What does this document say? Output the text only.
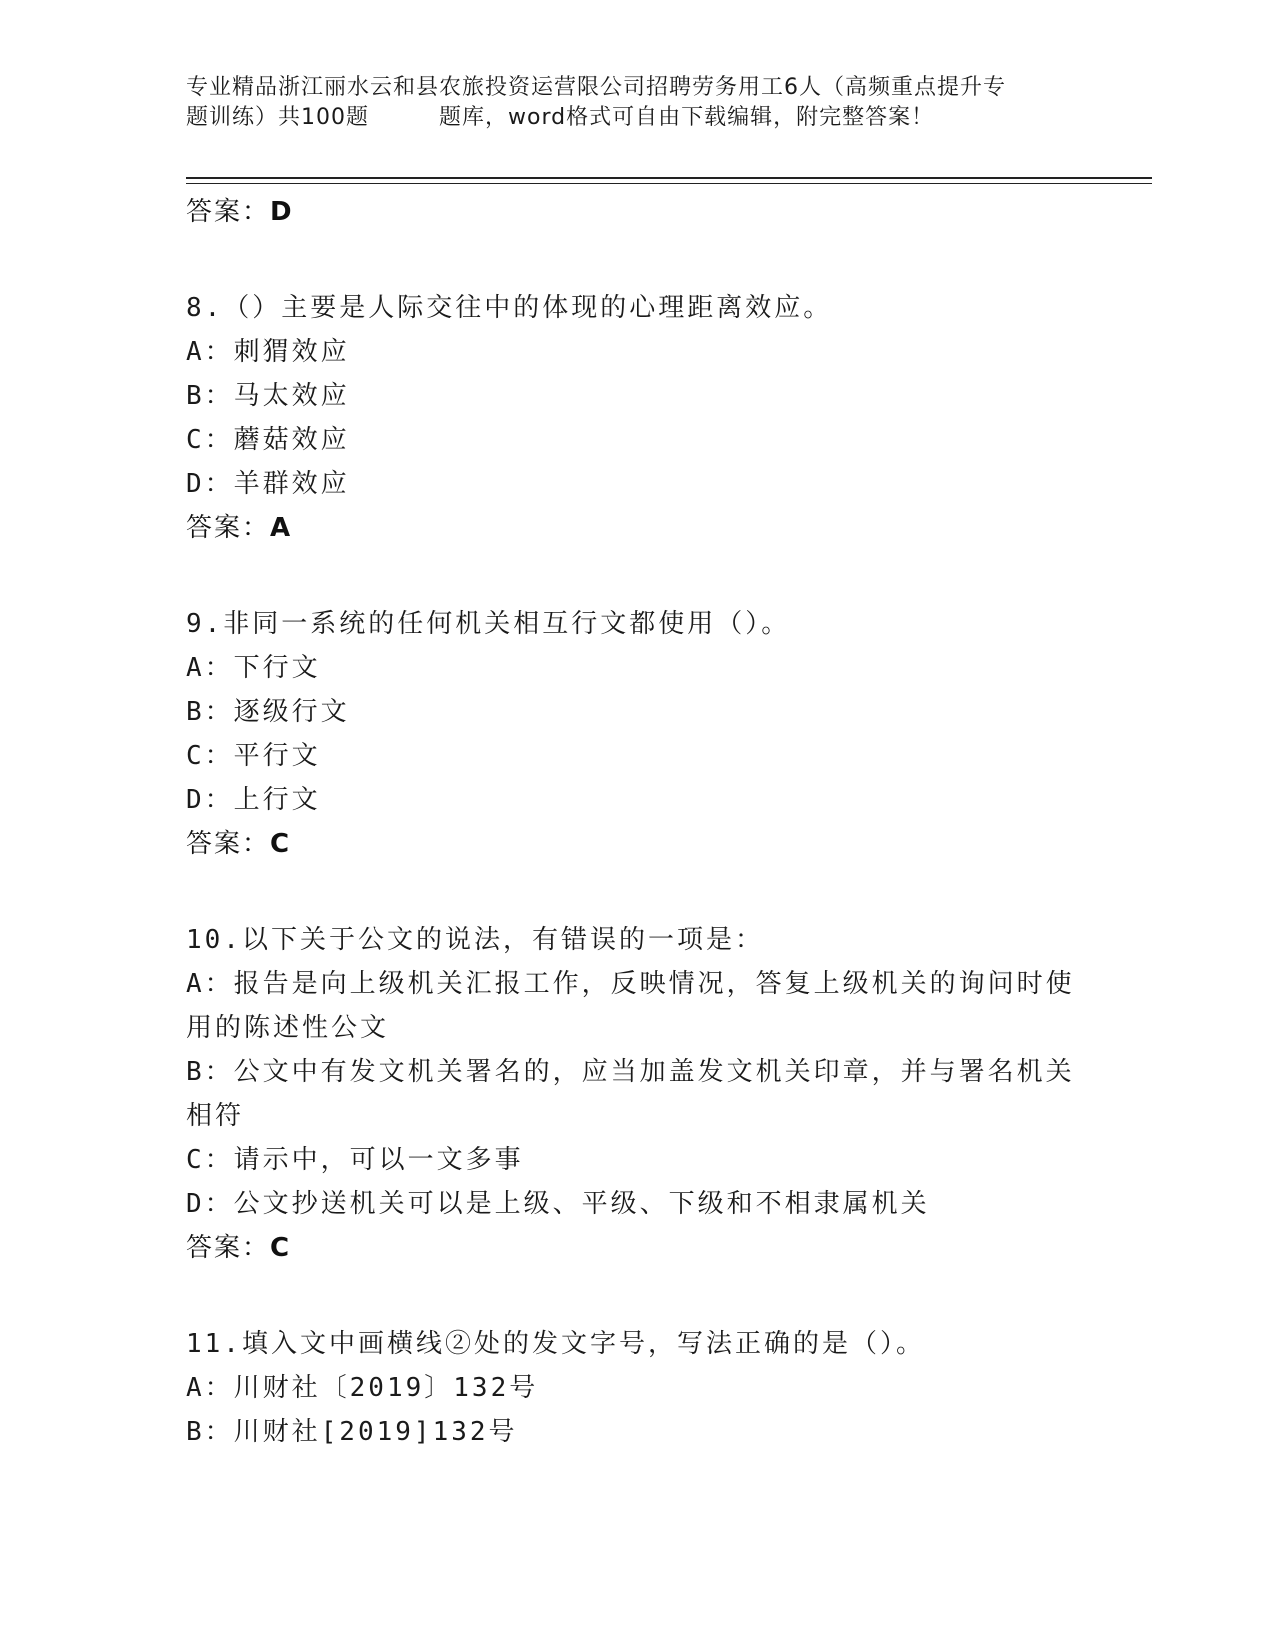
专业精品浙江丽水云和县农旅投资运营限公司招聘劳务用工6人（高频重点提升专
题训练）共100题	题库，word格式可自由下载编辑，附完整答案！
答案：D
8.（）主要是人际交往中的体现的心理距离效应。
A：刺猬效应
B：马太效应
C：蘑菇效应
D：羊群效应
答案：A
9.非同一系统的任何机关相互行文都使用（）。
A：下行文
B：逐级行文
C：平行文
D：上行文
答案：C
10.以下关于公文的说法，有错误的一项是：
A：报告是向上级机关汇报工作，反映情况，答复上级机关的询问时使
用的陈述性公文
B：公文中有发文机关署名的，应当加盖发文机关印章，并与署名机关
相符
C：请示中，可以一文多事
D：公文抄送机关可以是上级、平级、下级和不相隶属机关
答案：C
11.填入文中画横线②处的发文字号，写法正确的是（）。
A：川财社〔2019〕132号
B：川财社[2019]132号
